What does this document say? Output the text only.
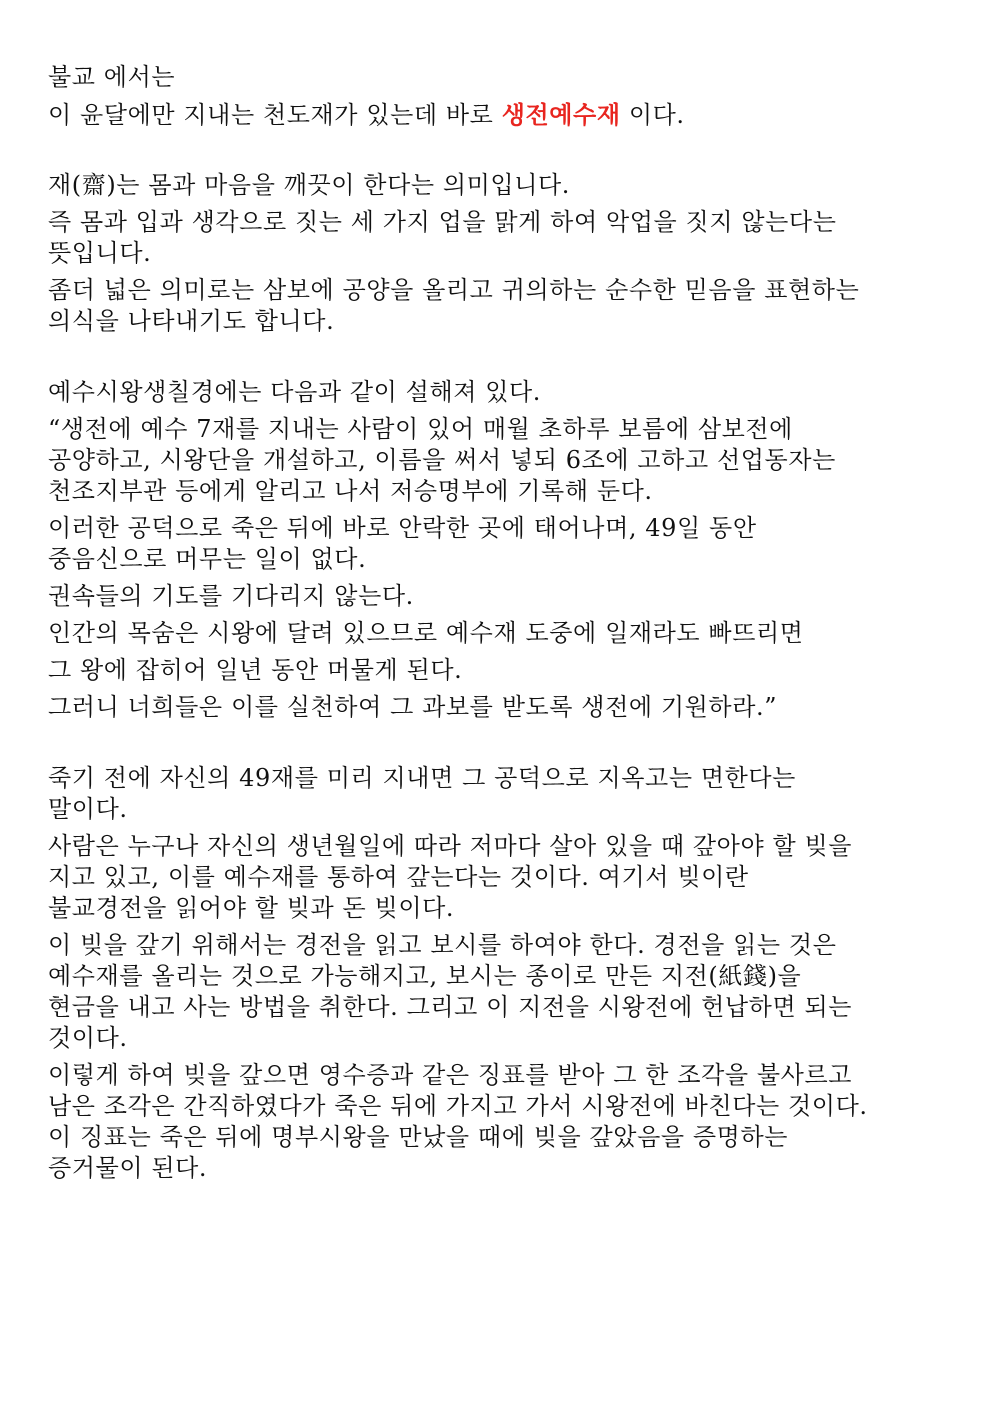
불교 에서는
이 윤달에만 지내는 천도재가 있는데 바로 생전예수재 이다.
재(齋)는 몸과 마음을 깨끗이 한다는 의미입니다.
즉 몸과 입과 생각으로 짓는 세 가지 업을 맑게 하여 악업을 짓지 않는다는
뜻입니다.
좀더 넓은 의미로는 삼보에 공양을 올리고 귀의하는 순수한 믿음을 표현하는
의식을 나타내기도 합니다.
예수시왕생칠경에는 다음과 같이 설해져 있다.
“생전에 예수 7재를 지내는 사람이 있어 매월 초하루 보름에 삼보전에
공양하고, 시왕단을 개설하고, 이름을 써서 넣되 6조에 고하고 선업동자는
천조지부관 등에게 알리고 나서 저승명부에 기록해 둔다.
이러한 공덕으로 죽은 뒤에 바로 안락한 곳에 태어나며, 49일 동안
중음신으로 머무는 일이 없다.
권속들의 기도를 기다리지 않는다.
인간의 목숨은 시왕에 달려 있으므로 예수재 도중에 일재라도 빠뜨리면
그 왕에 잡히어 일년 동안 머물게 된다.
그러니 너희들은 이를 실천하여 그 과보를 받도록 생전에 기원하라.”
죽기 전에 자신의 49재를 미리 지내면 그 공덕으로 지옥고는 면한다는
말이다.
사람은 누구나 자신의 생년월일에 따라 저마다 살아 있을 때 갚아야 할 빚을
지고 있고, 이를 예수재를 통하여 갚는다는 것이다. 여기서 빚이란
불교경전을 읽어야 할 빚과 돈 빚이다.
이 빚을 갚기 위해서는 경전을 읽고 보시를 하여야 한다. 경전을 읽는 것은
예수재를 올리는 것으로 가능해지고, 보시는 종이로 만든 지전(紙錢)을
현금을 내고 사는 방법을 취한다. 그리고 이 지전을 시왕전에 헌납하면 되는
것이다.
이렇게 하여 빚을 갚으면 영수증과 같은 징표를 받아 그 한 조각을 불사르고
남은 조각은 간직하였다가 죽은 뒤에 가지고 가서 시왕전에 바친다는 것이다.
이 징표는 죽은 뒤에 명부시왕을 만났을 때에 빚을 갚았음을 증명하는
증거물이 된다.
